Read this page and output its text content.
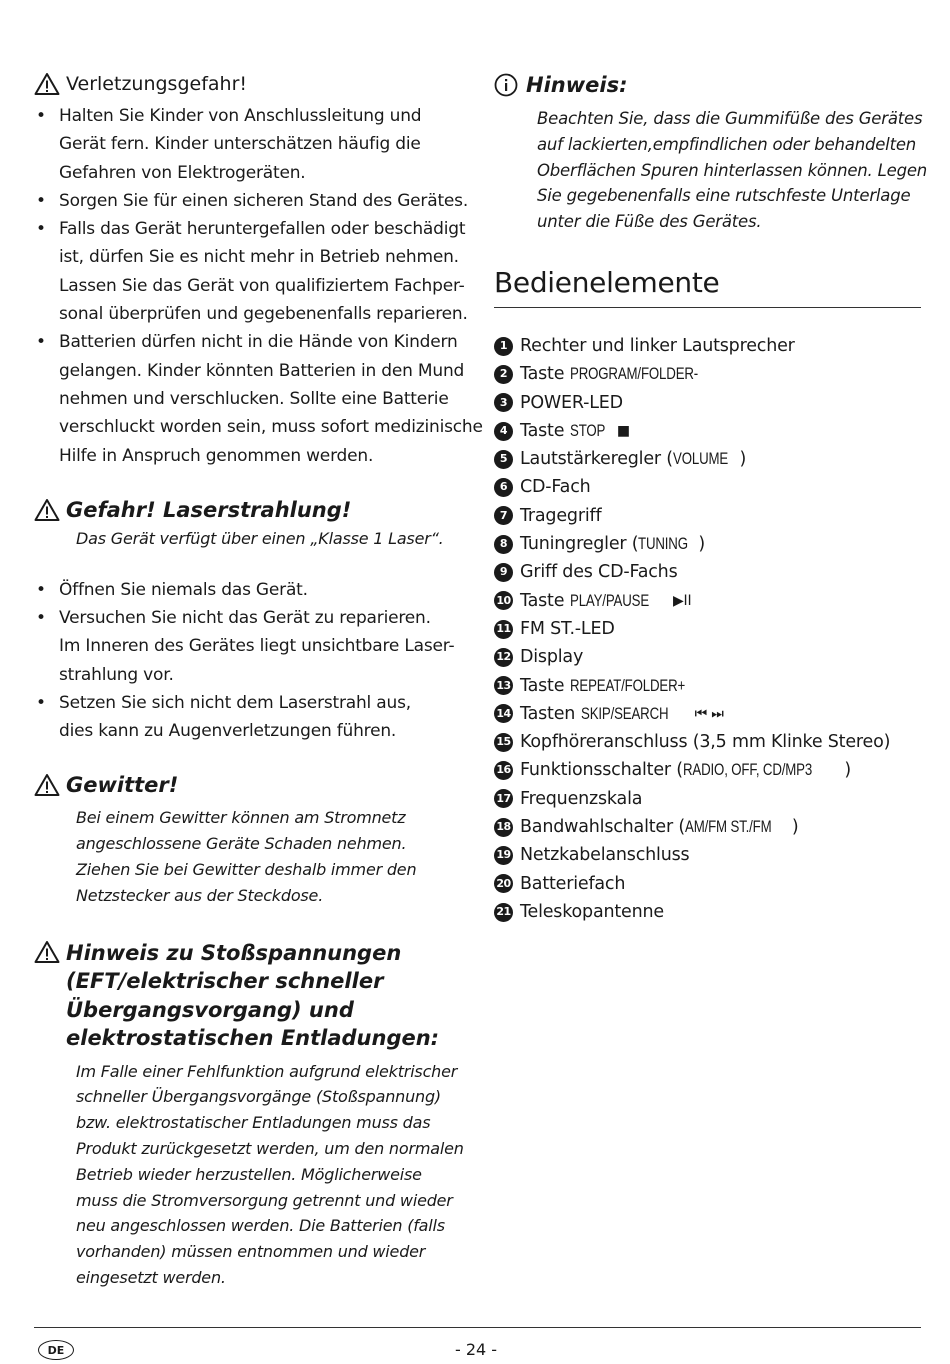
Verletzungsgefahr!
• Halten Sie Kinder von Anschlussleitung und
Gerät fern. Kinder unterschätzen häufig die
Gefahren von Elektrogeräten.
• Sorgen Sie für einen sicheren Stand des Gerätes.
• Falls das Gerät heruntergefallen oder beschädigt
ist, dürfen Sie es nicht mehr in Betrieb nehmen.
Lassen Sie das Gerät von qualifiziertem Fachper-
sonal überprüfen und gegebenenfalls reparieren.
• Batterien dürfen nicht in die Hände von Kindern
gelangen. Kinder könnten Batterien in den Mund
nehmen und verschlucken. Sollte eine Batterie
verschluckt worden sein, muss sofort medizinische
Hilfe in Anspruch genommen werden.
Gefahr! Laserstrahlung!
Das Gerät verfügt über einen „Klasse 1 Laser“.
• Öffnen Sie niemals das Gerät.
• Versuchen Sie nicht das Gerät zu reparieren.
Im Inneren des Gerätes liegt unsichtbare Laser-
strahlung vor.
• Setzen Sie sich nicht dem Laserstrahl aus,
dies kann zu Augenverletzungen führen.
Gewitter!
Bei einem Gewitter können am Stromnetz
angeschlossene Geräte Schaden nehmen.
Ziehen Sie bei Gewitter deshalb immer den
Netzstecker aus der Steckdose.
Hinweis zu Stoßspannungen
(EFT/elektrischer schneller
Übergangsvorgang) und
elektrostatischen Entladungen:
Im Falle einer Fehlfunktion aufgrund elektrischer
schneller Übergangsvorgänge (Stoßspannung)
bzw. elektrostatischer Entladungen muss das
Produkt zurückgesetzt werden, um den normalen
Betrieb wieder herzustellen. Möglicherweise
muss die Stromversorgung getrennt und wieder
neu angeschlossen werden. Die Batterien (falls
vorhanden) müssen entnommen und wieder
eingesetzt werden.
Hinweis:
Beachten Sie, dass die Gummifüße des Gerätes
auf lackierten,empfindlichen oder behandelten
Oberflächen Spuren hinterlassen können. Legen
Sie gegebenenfalls eine rutschfeste Unterlage
unter die Füße des Gerätes.
Bedienelemente
1 Rechter und linker Lautsprecher
2 Taste PROGRAM/FOLDER-
3 POWER-LED
4 Taste STOP ■
5 Lautstärkeregler ( VOLUME )
6 CD-Fach
7 Tragegriff
8 Tuningregler ( TUNING )
9 Griff des CD-Fachs
10 Taste PLAY/PAUSE ▶II
11 FM ST.-LED
12 Display
13 Taste REPEAT/FOLDER+
14 Tasten SKIP/SEARCH ⏮ ⏭
15 Kopfhöreranschluss (3,5 mm Klinke Stereo)
16 Funktionsschalter ( RADIO, OFF, CD/MP3 )
17 Frequenzskala
18 Bandwahlschalter ( AM/FM ST./FM )
19 Netzkabelanschluss
20 Batteriefach
21 Teleskopantenne
DE	- 24 -
